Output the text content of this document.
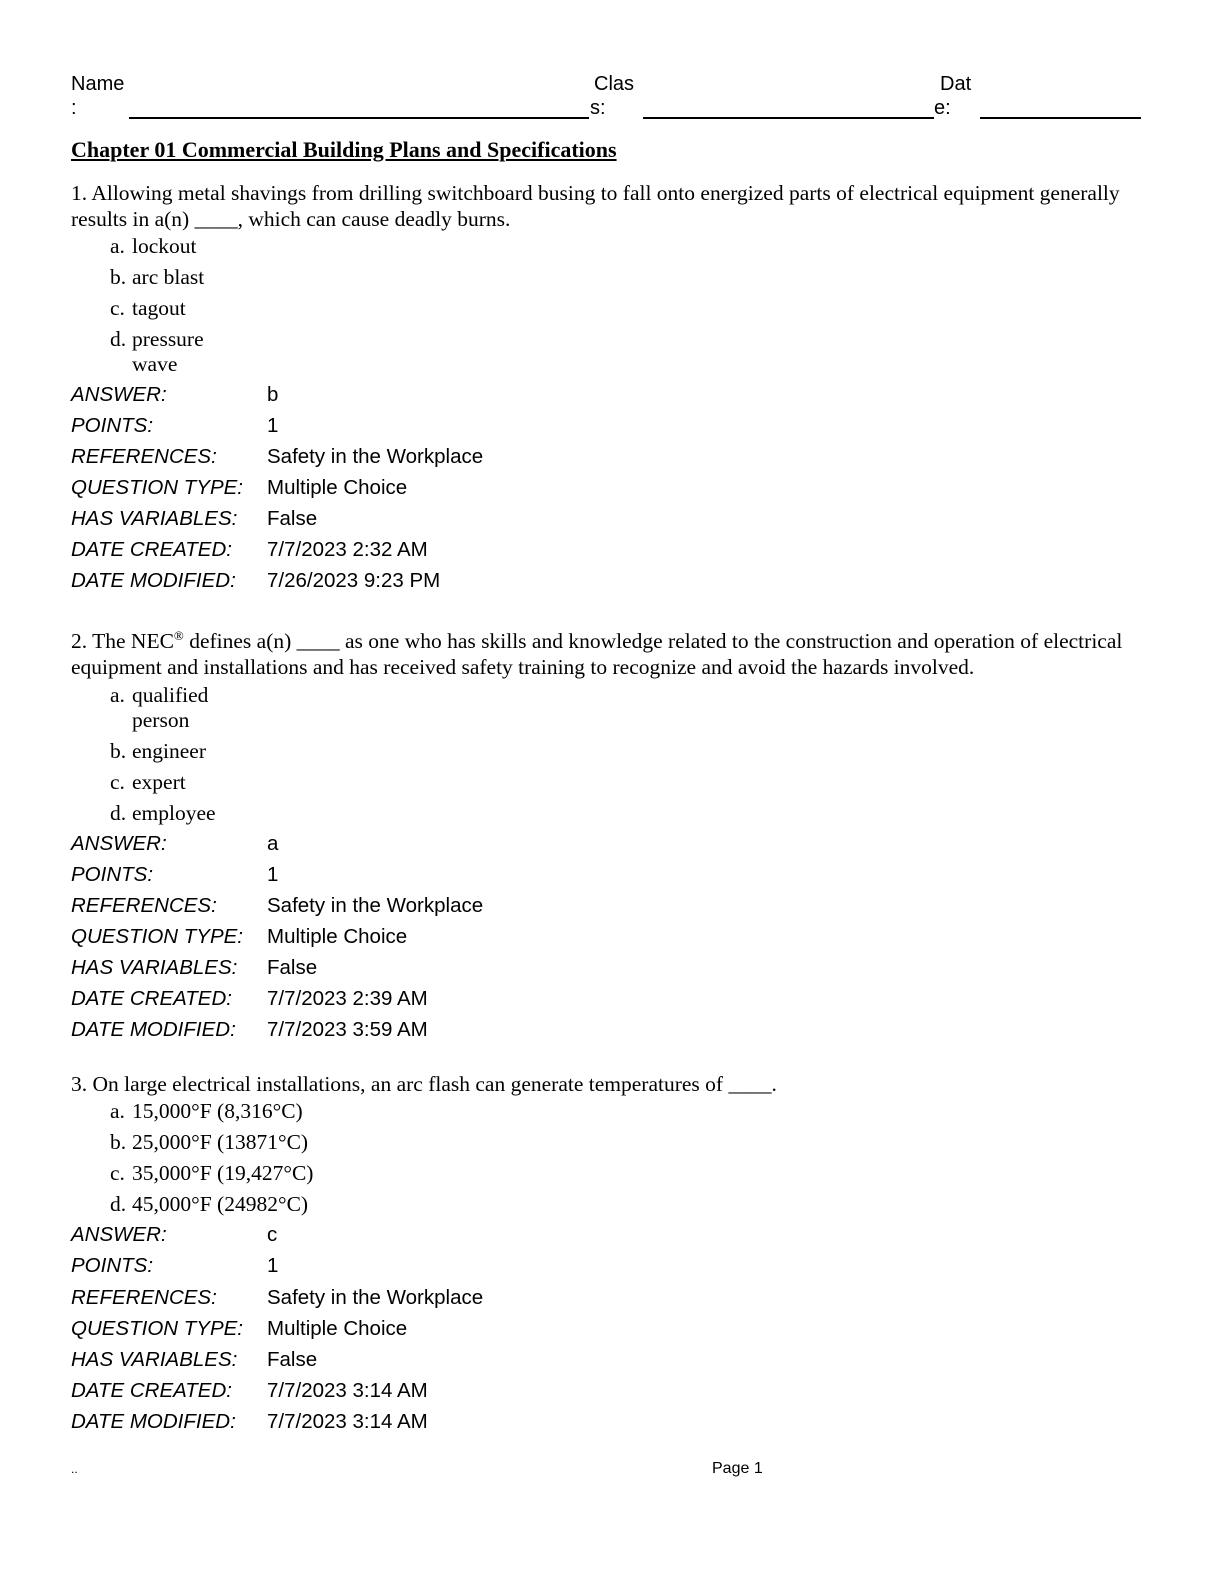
Name
:
Clas
s:
Dat
e:
Chapter 01 Commercial Building Plans and Specifications
1. Allowing metal shavings from drilling switchboard busing to fall onto energized parts of electrical equipment generally results in a(n) ____, which can cause deadly burns.
a. lockout
b. arc blast
c. tagout
d. pressure wave
ANSWER:	b
POINTS:	1
REFERENCES:	Safety in the Workplace
QUESTION TYPE:	Multiple Choice
HAS VARIABLES:	False
DATE CREATED:	7/7/2023 2:32 AM
DATE MODIFIED:	7/26/2023 9:23 PM
2. The NEC® defines a(n) ____ as one who has skills and knowledge related to the construction and operation of electrical equipment and installations and has received safety training to recognize and avoid the hazards involved.
a. qualified person
b. engineer
c. expert
d. employee
ANSWER:	a
POINTS:	1
REFERENCES:	Safety in the Workplace
QUESTION TYPE:	Multiple Choice
HAS VARIABLES:	False
DATE CREATED:	7/7/2023 2:39 AM
DATE MODIFIED:	7/7/2023 3:59 AM
3. On large electrical installations, an arc flash can generate temperatures of ____.
a. 15,000°F (8,316°C)
b. 25,000°F (13871°C)
c. 35,000°F (19,427°C)
d. 45,000°F (24982°C)
ANSWER:	c
POINTS:	1
REFERENCES:	Safety in the Workplace
QUESTION TYPE:	Multiple Choice
HAS VARIABLES:	False
DATE CREATED:	7/7/2023 3:14 AM
DATE MODIFIED:	7/7/2023 3:14 AM
..	Page 1
